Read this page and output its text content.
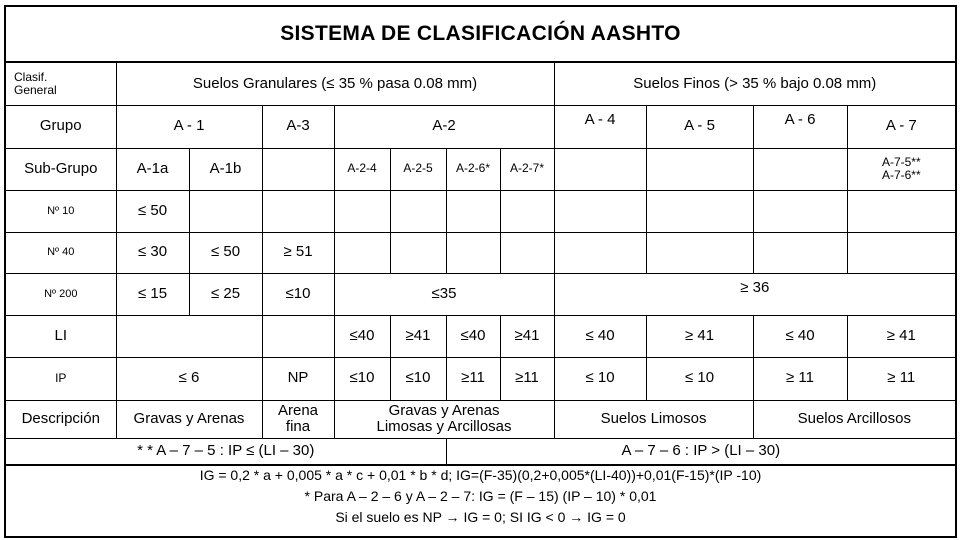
SISTEMA DE CLASIFICACIÓN AASHTO
Clasif.
General	Suelos Granulares (≤ 35 % pasa 0.08 mm)							Suelos Finos (> 35 % bajo 0.08 mm)			
Grupo	A - 1		A-3	A-2				A - 4	A - 5	A - 6	A - 7
Sub-Grupo	A-1a	A-1b		A-2-4	A-2-5	A-2-6*	A-2-7*				A-7-5**
A-7-6**
Nº 10	≤ 50										
Nº 40	≤ 30	≤ 50	≥ 51								
Nº 200	≤ 15	≤ 25	≤10	≤35				≥ 36			
LI				≤40	≥41	≤40	≥41	≤ 40	≥ 41	≤ 40	≥ 41
IP	≤ 6		NP	≤10	≤10	≥11	≥11	≤ 10	≤ 10	≥ 11	≥ 11
Descripción	Gravas y Arenas		Arena
fina	Gravas y Arenas
Limosas y Arcillosas				Suelos Limosos		Suelos Arcillosos	
* * A – 7 – 5 : IP ≤ (LI – 30)						A – 7 – 6 : IP > (LI – 30)					
IG = 0,2 * a + 0,005 * a * c + 0,01 * b * d; IG=(F-35)(0,2+0,005*(LI-40))+0,01(F-15)*(IP -10)
* Para A – 2 – 6 y A – 2 – 7: IG = (F – 15) (IP – 10) * 0,01
Si el suelo es NP → IG = 0; SI IG < 0 → IG = 0
